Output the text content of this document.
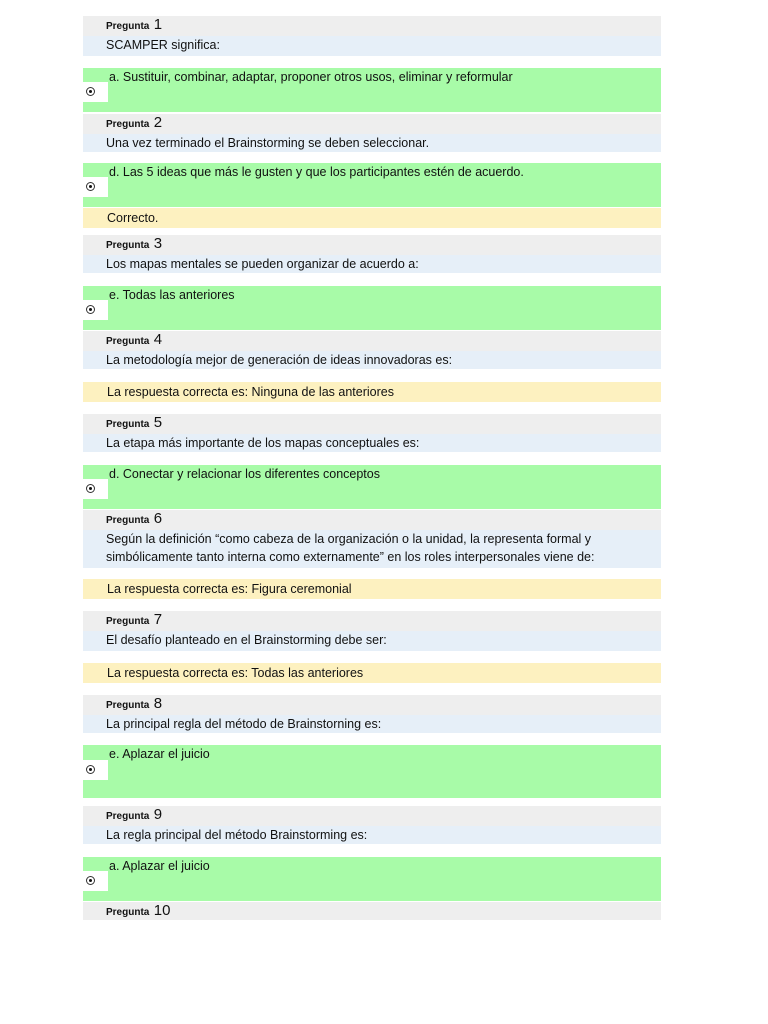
Pregunta 1
SCAMPER significa:
a. Sustituir, combinar, adaptar, proponer otros usos, eliminar y reformular
Pregunta 2
Una vez terminado el Brainstorming se deben seleccionar.
d. Las 5 ideas que más le gusten y que los participantes estén de acuerdo.
Correcto.
Pregunta 3
Los mapas mentales se pueden organizar de acuerdo a:
e. Todas las anteriores
Pregunta 4
La metodología mejor de generación de ideas innovadoras es:
La respuesta correcta es: Ninguna de las anteriores
Pregunta 5
La etapa más importante de los mapas conceptuales es:
d. Conectar y relacionar los diferentes conceptos
Pregunta 6
Según la definición “como cabeza de la organización o la unidad, la representa formal y
simbólicamente tanto interna como externamente” en los roles interpersonales viene de:
La respuesta correcta es: Figura ceremonial
Pregunta 7
El desafío planteado en el Brainstorming debe ser:
La respuesta correcta es: Todas las anteriores
Pregunta 8
La principal regla del método de Brainstorning es:
e. Aplazar el juicio
Pregunta 9
La regla principal del método Brainstorming es:
a. Aplazar el juicio
Pregunta 10
